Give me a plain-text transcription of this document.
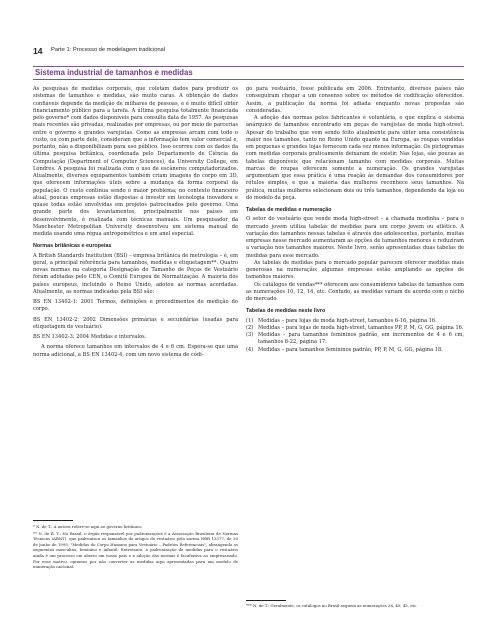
14 Parte 1: Processo de modelagem tradicional
Sistema industrial de tamanhos e medidas

As pesquisas de medidas corporais, que coletam dados para produzir os sistemas de tamanhos e medidas, são muito caras. A obtenção de dados confiáveis depende da medição de milhares de pessoas, e é muito difícil obter financiamento público para a tarefa. A última pesquisa totalmente financiada pelo governo* com dados disponíveis para consulta data de 1957. As pesquisas mais recentes são privadas, realizadas por empresas, ou por meio de parcerias entre o governo e grandes varejistas. Como as empresas arcam com todo o custo, ou com parte dele, consideram que a informação tem valor comercial e, portanto, não a disponibilizam para uso público. Isso ocorreu com os dados da última pesquisa britânica, coordenada pelo Departamento de Ciência da Computação (Department of Computer Sciences), da University College, em Londres. A pesquisa foi realizada com o uso de escâneres computadorizados. Atualmente, diversos equipamentos também criam imagens do corpo em 3D, que oferecem informações úteis sobre a mudança da forma corporal da população. O custo continua sendo o maior problema; no contexto financeiro atual, poucas empresas estão dispostas a investir em tecnologia inovadora e quase todas estão envolvidas em projetos patrocinados pelo governo. Uma grande parte dos levantamentos, principalmente nos países em desenvolvimento, é realizada com técnicas manuais. Um pesquisador da Manchester Metropolitan University desenvolveu um sistema manual de medida usando uma régua antropométrica e um anel especial.

Normas britânicas e europeias

A British Standards Institution (BSI) – empresa britânica de metrologia – é, em geral, a principal referência para tamanhos, medidas e etiquetagem**. Quatro novas normas na categoria Designação do Tamanho de Peças de Vestuário foram adotadas pelo CEN, o Comitê Europeu de Normatização. A maioria dos países europeus, incluindo o Reino Unido, adotou as normas acordadas. Atualmente, as normas indicadas pela BSI são:

BS EN 13402-1: 2001 Termos, definições e procedimentos de medição do corpo.

BS EN 13402-2: 2002 Dimensões primárias e secundárias (usadas para etiquetagem de vestuário).

BS EN 13402-3: 2004 Medidas e intervalos.

A norma oferece tamanhos em intervalos de 4 e 6 cm. Espera-se que uma norma adicional, a BS EN 13402-4, com um novo sistema de códi-

go para vestuário, fosse publicada em 2006. Entretanto, diversos países não conseguiram chegar a um consenso sobre os métodos de codificação oferecidos. Assim, a publicação da norma foi adiada enquanto novas propostas são consideradas.

A adoção das normas pelos fabricantes é voluntária, o que explica o sistema anárquico de tamanhos encontrado em peças de varejistas de moda high-street. Apesar do trabalho que vem sendo feito atualmente para obter uma consistência maior nos tamanhos, tanto no Reino Unido quanto na Europa, as roupas vendidas em pequenas e grandes lojas fornecem cada vez menos informação. Os pictogramas com medidas corporais praticamente deixaram de existir. Nas lojas, são poucas as tabelas disponíveis que relacionam tamanho com medidas corporais. Muitas marcas de roupas oferecem somente a numeração. Os grandes varejistas argumentam que essa prática é uma reação às demandas dos consumidores por rótulos simples, e que a maioria das mulheres reconhece seus tamanhos. Na prática, muitas mulheres selecionam dois ou três tamanhos, dependendo da loja ou do modelo da peça.

Tabelas de medidas e numeração

O setor do vestuário que vende moda high-street – a chamada modinha – para o mercado jovem utiliza tabelas de medidas para um corpo jovem ou atlético. A variação dos tamanhos nessas tabelas é através dos adolescentes, portanto, muitas empresas nesse mercado aumentaram as opções de tamanhos menores e reduziram a variação nos tamanhos maiores. Neste livro, serão apresentadas duas tabelas de medidas para esse mercado.

As tabelas de medidas para o mercado popular parecem oferecer medidas mais generosas na numeração; algumas empresas estão ampliando as opções de tamanhos maiores.

Os catálogos de vendas*** oferecem aos consumidores tabelas de tamanhos com as numerações 10, 12, 14, etc. Contudo, as medidas variam de acordo com o nicho de mercado.

Tabelas de medidas neste livro
(1) Medidas – para lojas de moda high-street, tamanhos 6-16, página 16.
(2) Medidas – para lojas de moda high-street, tamanhos PP, P, M, G, GG, página 16.
(3) Medidas – para tamanhos femininos padrão, em incrementos de 4 e 6 cm, tamanhos 8-22, página 17.
(4) Medidas – para tamanhos femininos padrão, PP, P, M, G, GG, página 18.

* N. de T.: A autora refere-se aqui ao governo britânico.

** N. de R. T.: No Brasil, o órgão responsável por padronizações é a Associação Brasileira de Normas Técnicas (ABNT), que padronizou os tamanhos de artigos de vestuário pela norma NBR 13377, de 30 de junho de 1995, "Medidas do Corpo Humano para Vestuário – Padrões Referenciais", abrangendo os segmentos masculino, feminino e infantil. Entretanto, a padronização de medidas para o vestuário ainda é um processo em aberto em nosso país e a adoção das normas é facultativa ao empresariado. Por esse motivo, optamos por não converter as medidas aqui apresentadas para um modelo de numeração nacional.

*** N. de T.: Geralmente, os catálogos no Brasil seguem as numerações 38, 40, 42, etc.
